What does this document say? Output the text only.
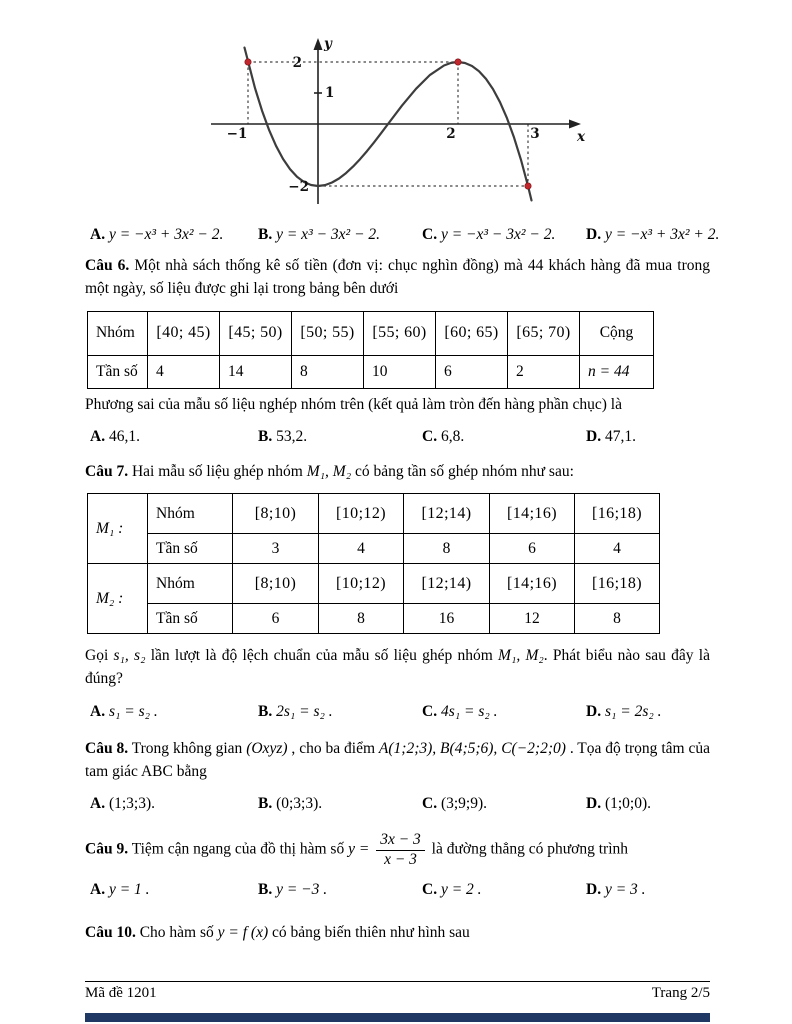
y
x
2
1
−1	2	3
−2
A. y = −x³ + 3x² − 2.	B. y = x³ − 3x² − 2.	C. y = −x³ − 3x² − 2.	D. y = −x³ + 3x² + 2.

Câu 6. Một nhà sách thống kê số tiền (đơn vị: chục nghìn đồng) mà 44 khách hàng đã mua trong một ngày, số liệu được ghi lại trong bảng bên dưới

Nhóm	[40; 45)	[45; 50)	[50; 55)	[55; 60)	[60; 65)	[65; 70)	Cộng
Tần số	4	14	8	10	6	2	n = 44

Phương sai của mẫu số liệu nghép nhóm trên (kết quả làm tròn đến hàng phần chục) là

A. 46,1.	B. 53,2.	C. 6,8.	D. 47,1.

Câu 7. Hai mẫu số liệu ghép nhóm M₁, M₂ có bảng tần số ghép nhóm như sau:

M₁ :	Nhóm	[8;10)	[10;12)	[12;14)	[14;16)	[16;18)
	Tần số	3	4	8	6	4
M₂ :	Nhóm	[8;10)	[10;12)	[12;14)	[14;16)	[16;18)
	Tần số	6	8	16	12	8

Gọi s₁, s₂ lần lượt là độ lệch chuẩn của mẫu số liệu ghép nhóm M₁, M₂. Phát biểu nào sau đây là đúng?

A. s₁ = s₂ .	B. 2s₁ = s₂ .	C. 4s₁ = s₂ .	D. s₁ = 2s₂ .

Câu 8. Trong không gian (Oxyz) , cho ba điểm A(1;2;3), B(4;5;6), C(−2;2;0) . Tọa độ trọng tâm của tam giác ABC bằng

A. (1;3;3).	B. (0;3;3).	C. (3;9;9).	D. (1;0;0).

Câu 9. Tiệm cận ngang của đồ thị hàm số $y = \frac{3x - 3}{x - 3}$ là đường thẳng có phương trình

A. y = 1 .	B. y = −3 .	C. y = 2 .	D. y = 3 .

Câu 10. Cho hàm số y = f (x) có bảng biến thiên như hình sau

Mã đề 1201	Trang 2/5
